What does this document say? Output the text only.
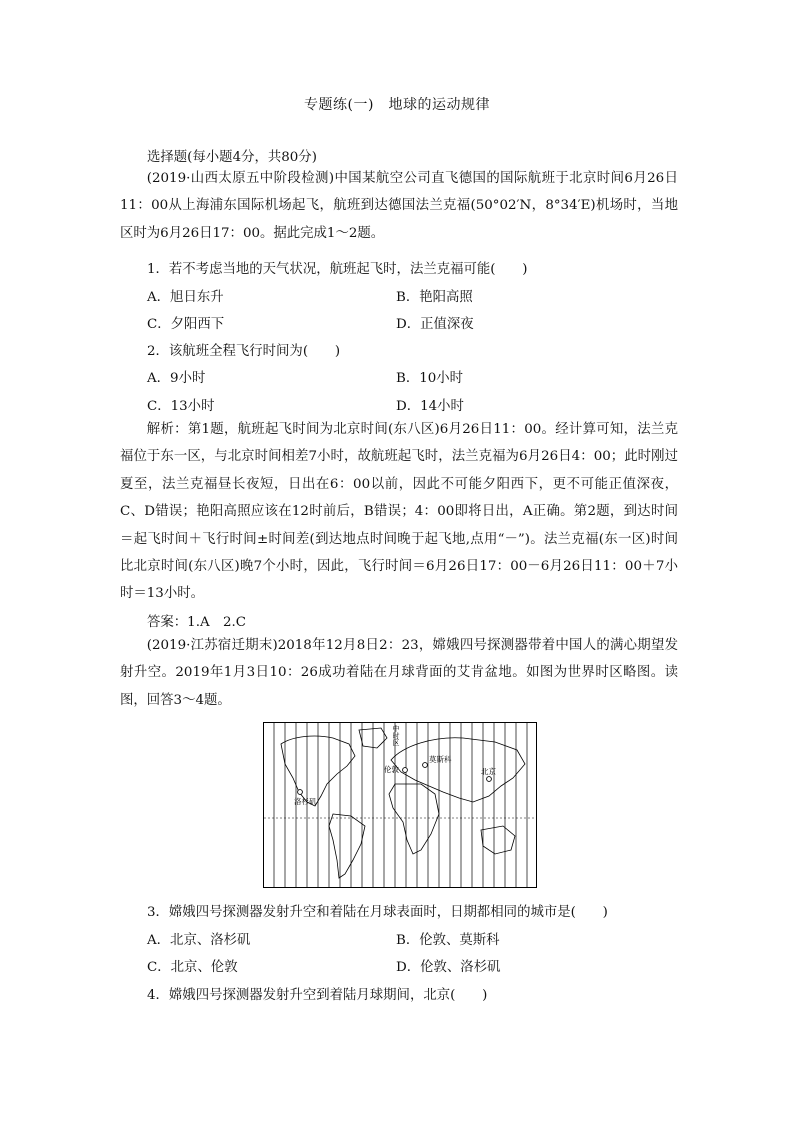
专题练(一)　地球的运动规律
选择题(每小题4分，共80分)
(2019·山西太原五中阶段检测)中国某航空公司直飞德国的国际航班于北京时间6月26日11：00从上海浦东国际机场起飞，航班到达德国法兰克福(50°02′N，8°34′E)机场时，当地区时为6月26日17：00。据此完成1～2题。
1．若不考虑当地的天气状况，航班起飞时，法兰克福可能(　　)
A．旭日东升	B．艳阳高照
C．夕阳西下	D．正值深夜
2．该航班全程飞行时间为(　　)
A．9小时	B．10小时
C．13小时	D．14小时
解析：第1题，航班起飞时间为北京时间(东八区)6月26日11：00。经计算可知，法兰克福位于东一区，与北京时间相差7小时，故航班起飞时，法兰克福为6月26日4：00；此时刚过夏至，法兰克福昼长夜短，日出在6：00以前，因此不可能夕阳西下，更不可能正值深夜，C、D错误；艳阳高照应该在12时前后，B错误；4：00即将日出，A正确。第2题，到达时间＝起飞时间＋飞行时间±时间差(到达地点时间晚于起飞地,点用“－”)。法兰克福(东一区)时间比北京时间(东八区)晚7个小时，因此，飞行时间＝6月26日17：00－6月26日11：00＋7小时＝13小时。
答案：1.A　2.C
(2019·江苏宿迁期末)2018年12月8日2：23，嫦娥四号探测器带着中国人的满心期望发射升空。2019年1月3日10：26成功着陆在月球背面的艾肯盆地。如图为世界时区略图。读图，回答3～4题。
中时区
伦敦
莫斯科
北京
洛杉矶
3．嫦娥四号探测器发射升空和着陆在月球表面时，日期都相同的城市是(　　)
A．北京、洛杉矶	B．伦敦、莫斯科
C．北京、伦敦	D．伦敦、洛杉矶
4．嫦娥四号探测器发射升空到着陆月球期间，北京(　　)
